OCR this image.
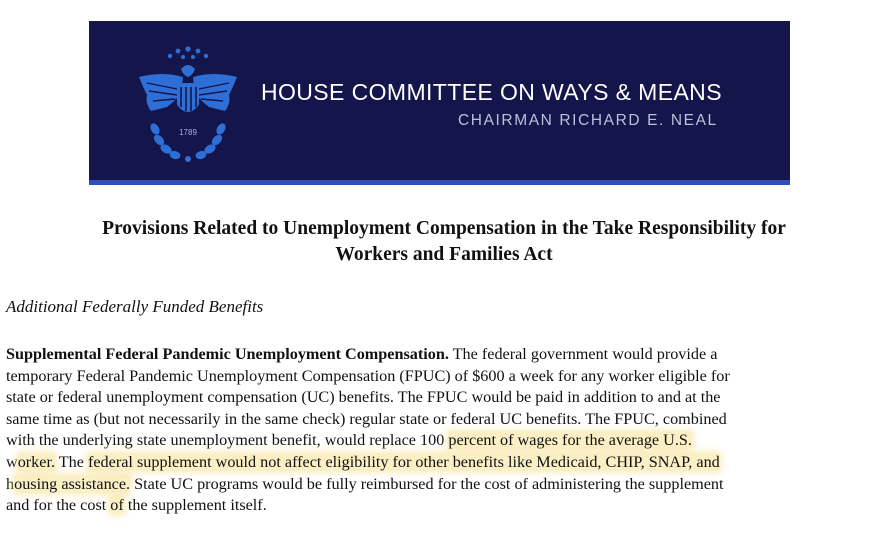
1789
HOUSE COMMITTEE ON WAYS & MEANS
CHAIRMAN RICHARD E. NEAL
Provisions Related to Unemployment Compensation in the Take Responsibility for
Workers and Families Act
Additional Federally Funded Benefits
Supplemental Federal Pandemic Unemployment Compensation. The federal government would provide a
temporary Federal Pandemic Unemployment Compensation (FPUC) of $600 a week for any worker eligible for
state or federal unemployment compensation (UC) benefits. The FPUC would be paid in addition to and at the
same time as (but not necessarily in the same check) regular state or federal UC benefits. The FPUC, combined
with the underlying state unemployment benefit, would replace 100 percent of wages for the average U.S.
worker. The federal supplement would not affect eligibility for other benefits like Medicaid, CHIP, SNAP, and
housing assistance. State UC programs would be fully reimbursed for the cost of administering the supplement
and for the cost of the supplement itself.
